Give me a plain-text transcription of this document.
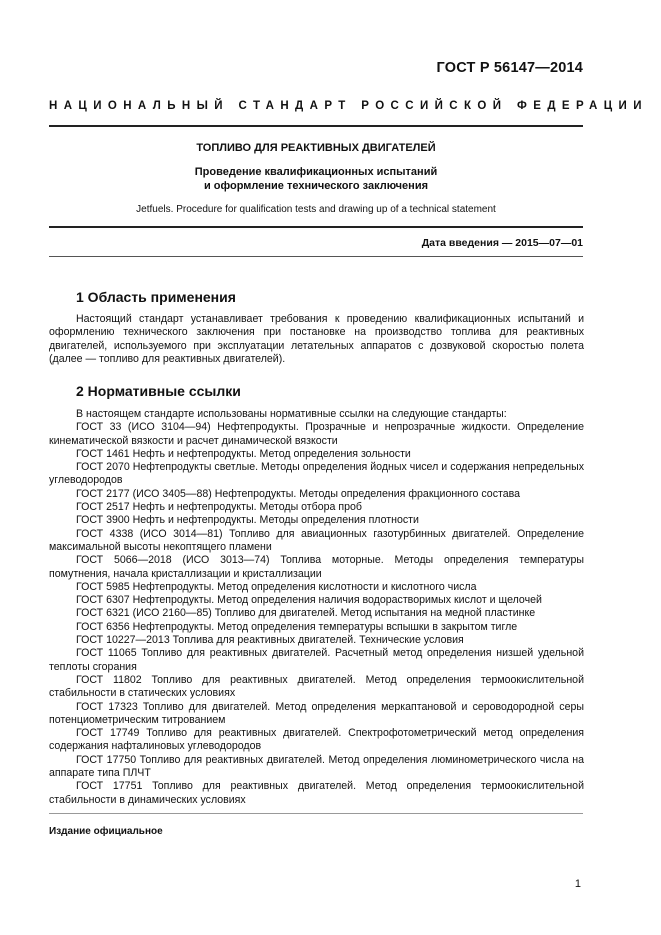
ГОСТ Р 56147—2014
НАЦИОНАЛЬНЫЙ СТАНДАРТ РОССИЙСКОЙ ФЕДЕРАЦИИ
ТОПЛИВО ДЛЯ РЕАКТИВНЫХ ДВИГАТЕЛЕЙ
Проведение квалификационных испытаний
и оформление технического заключения
Jetfuels. Procedure for qualification tests and drawing up of a technical statement
Дата введения — 2015—07—01
1 Область применения
Настоящий стандарт устанавливает требования к проведению квалификационных испытаний и оформлению технического заключения при постановке на производство топлива для реактивных двигателей, используемого при эксплуатации летательных аппаратов с дозвуковой скоростью полета (далее — топливо для реактивных двигателей).
2 Нормативные ссылки

В настоящем стандарте использованы нормативные ссылки на следующие стандарты:

ГОСТ 33 (ИСО 3104—94) Нефтепродукты. Прозрачные и непрозрачные жидкости. Определение кинематической вязкости и расчет динамической вязкости

ГОСТ 1461 Нефть и нефтепродукты. Метод определения зольности

ГОСТ 2070 Нефтепродукты светлые. Методы определения йодных чисел и содержания непредельных углеводородов

ГОСТ 2177 (ИСО 3405—88) Нефтепродукты. Методы определения фракционного состава

ГОСТ 2517 Нефть и нефтепродукты. Методы отбора проб

ГОСТ 3900 Нефть и нефтепродукты. Методы определения плотности

ГОСТ 4338 (ИСО 3014—81) Топливо для авиационных газотурбинных двигателей. Определение максимальной высоты некоптящего пламени

ГОСТ 5066—2018 (ИСО 3013—74) Топлива моторные. Методы определения температуры помутнения, начала кристаллизации и кристаллизации

ГОСТ 5985 Нефтепродукты. Метод определения кислотности и кислотного числа

ГОСТ 6307 Нефтепродукты. Метод определения наличия водорастворимых кислот и щелочей

ГОСТ 6321 (ИСО 2160—85) Топливо для двигателей. Метод испытания на медной пластинке

ГОСТ 6356 Нефтепродукты. Метод определения температуры вспышки в закрытом тигле

ГОСТ 10227—2013 Топлива для реактивных двигателей. Технические условия

ГОСТ 11065 Топливо для реактивных двигателей. Расчетный метод определения низшей удельной теплоты сгорания

ГОСТ 11802 Топливо для реактивных двигателей. Метод определения термоокислительной стабильности в статических условиях

ГОСТ 17323 Топливо для двигателей. Метод определения меркаптановой и сероводородной серы потенциометрическим титрованием

ГОСТ 17749 Топливо для реактивных двигателей. Спектрофотометрический метод определения содержания нафталиновых углеводородов

ГОСТ 17750 Топливо для реактивных двигателей. Метод определения люминометрического числа на аппарате типа ПЛЧТ

ГОСТ 17751 Топливо для реактивных двигателей. Метод определения термоокислительной стабильности в динамических условиях

Издание официальное
1
